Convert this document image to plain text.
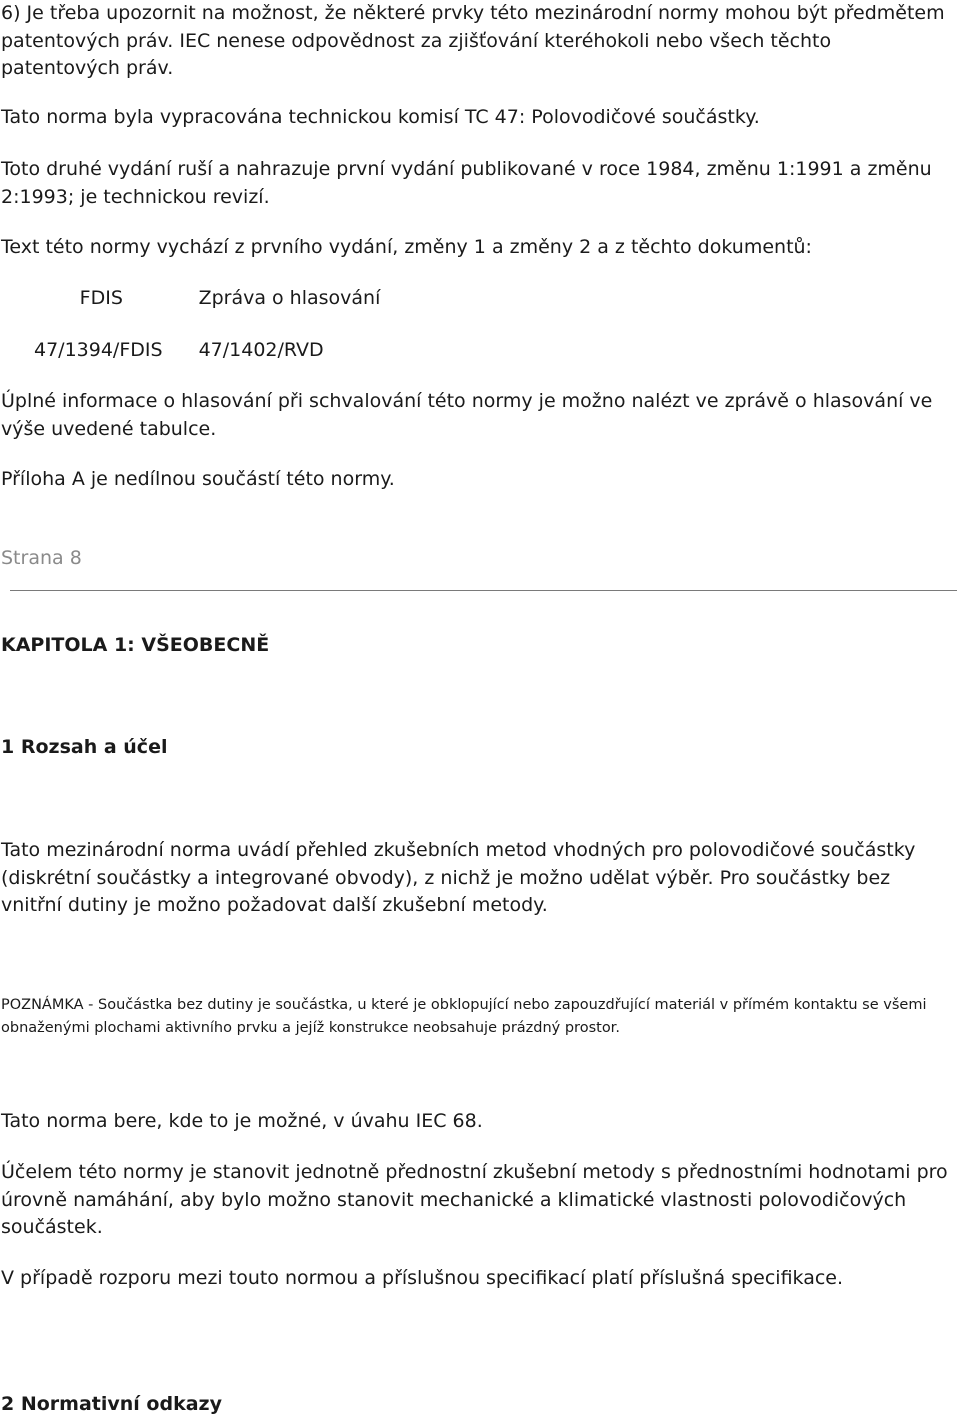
6) Je třeba upozornit na možnost, že některé prvky této mezinárodní normy mohou být předmětem patentových práv. IEC nenese odpovědnost za zjišťování kteréhokoli nebo všech těchto patentových práv.

Tato norma byla vypracována technickou komisí TC 47: Polovodičové součástky.

Toto druhé vydání ruší a nahrazuje první vydání publikované v roce 1984, změnu 1:1991 a změnu 2:1993; je technickou revizí.

Text této normy vychází z prvního vydání, změny 1 a změny 2 a z těchto dokumentů:

FDIS	Zpráva o hlasování

47/1394/FDIS	47/1402/RVD

Úplné informace o hlasování při schvalování této normy je možno nalézt ve zprávě o hlasování ve výše uvedené tabulce.

Příloha A je nedílnou součástí této normy.

Strana 8

KAPITOLA 1: VŠEOBECNĚ

1 Rozsah a účel

Tato mezinárodní norma uvádí přehled zkušebních metod vhodných pro polovodičové součástky (diskrétní součástky a integrované obvody), z nichž je možno udělat výběr. Pro součástky bez vnitřní dutiny je možno požadovat další zkušební metody.

POZNÁMKA - Součástka bez dutiny je součástka, u které je obklopující nebo zapouzdřující materiál v přímém kontaktu se všemi obnaženými plochami aktivního prvku a jejíž konstrukce neobsahuje prázdný prostor.

Tato norma bere, kde to je možné, v úvahu IEC 68.

Účelem této normy je stanovit jednotně přednostní zkušební metody s přednostními hodnotami pro úrovně namáhání, aby bylo možno stanovit mechanické a klimatické vlastnosti polovodičových součástek.

V případě rozporu mezi touto normou a příslušnou specifikací platí příslušná specifikace.

2 Normativní odkazy
